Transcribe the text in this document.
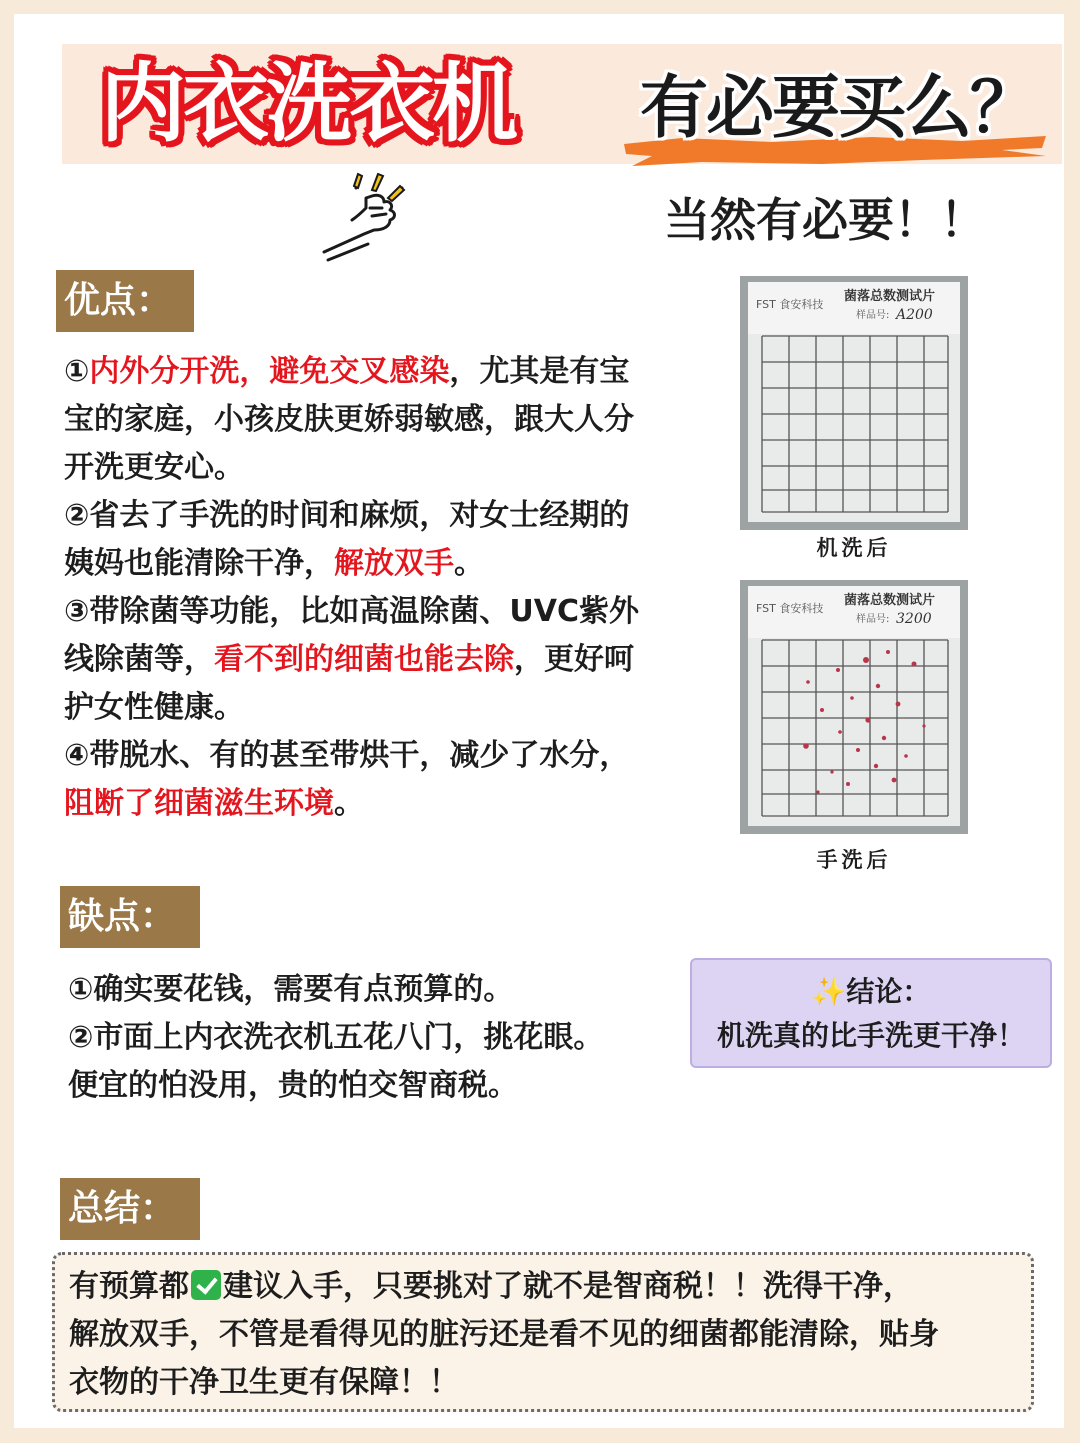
内衣洗衣机	有必要买么？
当然有必要！！
优点：
①内外分开洗，避免交叉感染，尤其是有宝宝的家庭，小孩皮肤更娇弱敏感，跟大人分开洗更安心。
②省去了手洗的时间和麻烦，对女士经期的姨妈也能清除干净，解放双手。
③带除菌等功能，比如高温除菌、UVC紫外线除菌等，看不到的细菌也能去除，更好呵护女性健康。
④带脱水、有的甚至带烘干，减少了水分，阻断了细菌滋生环境。
FST 食安科技
菌落总数测试片
样品号: A200
机洗后
FST 食安科技
菌落总数测试片
样品号: 3200
手洗后
缺点：
①确实要花钱，需要有点预算的。
②市面上内衣洗衣机五花八门，挑花眼。
便宜的怕没用，贵的怕交智商税。
✨结论：
机洗真的比手洗更干净！
总结：
有预算都 建议入手，只要挑对了就不是智商税！！洗得干净，
解放双手，不管是看得见的脏污还是看不见的细菌都能清除，贴身
衣物的干净卫生更有保障！！
